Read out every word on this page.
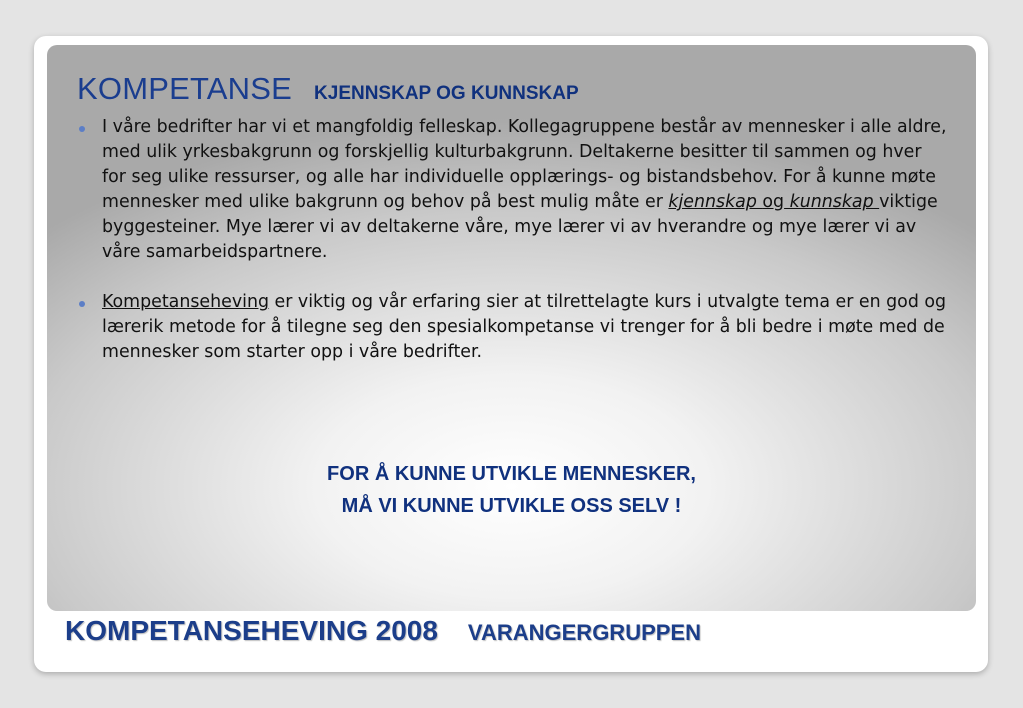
KOMPETANSE KJENNSKAP OG KUNNSKAP
I våre bedrifter har vi et mangfoldig felleskap. Kollegagruppene består av mennesker i alle aldre, med ulik yrkesbakgrunn og forskjellig kulturbakgrunn. Deltakerne besitter til sammen og hver for seg ulike ressurser, og alle har individuelle opplærings- og bistandsbehov. For å kunne møte mennesker med ulike bakgrunn og behov på best mulig måte er kjennskap og kunnskap viktige byggesteiner. Mye lærer vi av deltakerne våre, mye lærer vi av hverandre og mye lærer vi av våre samarbeidspartnere.
Kompetanseheving er viktig og vår erfaring sier at tilrettelagte kurs i utvalgte tema er en god og lærerik metode for å tilegne seg den spesialkompetanse vi trenger for å bli bedre i møte med de mennesker som starter opp i våre bedrifter.
FOR Å KUNNE UTVIKLE MENNESKER,
MÅ VI KUNNE UTVIKLE OSS SELV !
KOMPETANSEHEVING 2008 VARANGERGRUPPEN
